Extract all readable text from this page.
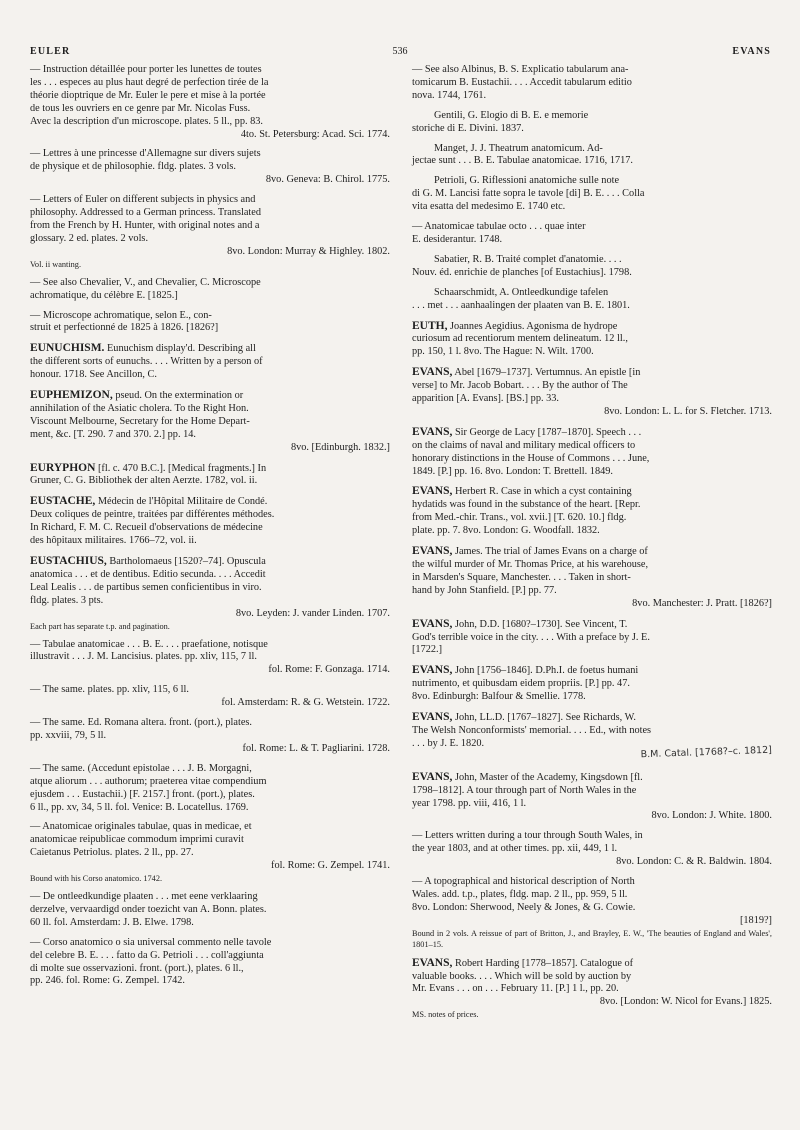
EULER	536	EVANS
— Instruction détaillée pour porter les lunettes de toutes
les . . . especes au plus haut degré de perfection tirée de la
théorie dioptrique de Mr. Euler le pere et mise à la portée
de tous les ouvriers en ce genre par Mr. Nicolas Fuss.
Avec la description d'un microscope. plates. 5 ll., pp. 83.
4to. St. Petersburg: Acad. Sci. 1774.
— Lettres à une princesse d'Allemagne sur divers sujets
de physique et de philosophie. fldg. plates. 3 vols.
8vo. Geneva: B. Chirol. 1775.
— Letters of Euler on different subjects in physics and
philosophy. Addressed to a German princess. Translated
from the French by H. Hunter, with original notes and a
glossary. 2 ed. plates. 2 vols.
8vo. London: Murray & Highley. 1802.
Vol. ii wanting.
— See also Chevalier, V., and Chevalier, C. Microscope
achromatique, du célèbre E. [1825.]
— Microscope achromatique, selon E., con-
struit et perfectionné de 1825 à 1826. [1826?]
EUNUCHISM. Eunuchism display'd. Describing all
the different sorts of eunuchs. . . . Written by a person of
honour. 1718. See Ancillon, C.
EUPHEMIZON, pseud. On the extermination or
annihilation of the Asiatic cholera. To the Right Hon.
Viscount Melbourne, Secretary for the Home Depart-
ment, &c. [T. 290. 7 and 370. 2.] pp. 14.
8vo. [Edinburgh. 1832.]
EURYPHON [fl. c. 470 B.C.]. [Medical fragments.] In
Gruner, C. G. Bibliothek der alten Aerzte. 1782, vol. ii.
EUSTACHE, Médecin de l'Hôpital Militaire de Condé.
Deux coliques de peintre, traitées par différentes méthodes.
In Richard, F. M. C. Recueil d'observations de médecine
des hôpitaux militaires. 1766–72, vol. ii.
EUSTACHIUS, Bartholomaeus [1520?–74]. Opuscula
anatomica . . . et de dentibus. Editio secunda. . . . Accedit
Leal Lealis . . . de partibus semen conficientibus in viro.
fldg. plates. 3 pts.
8vo. Leyden: J. vander Linden. 1707.
Each part has separate t.p. and pagination.
— Tabulae anatomicae . . . B. E. . . . praefatione, notisque
illustravit . . . J. M. Lancisius. plates. pp. xliv, 115, 7 ll.
fol. Rome: F. Gonzaga. 1714.
— The same. plates. pp. xliv, 115, 6 ll.
fol. Amsterdam: R. & G. Wetstein. 1722.
— The same. Ed. Romana altera. front. (port.), plates.
pp. xxviii, 79, 5 ll.
fol. Rome: L. & T. Pagliarini. 1728.
— The same. (Accedunt epistolae . . . J. B. Morgagni,
atque aliorum . . . authorum; praeterea vitae compendium
ejusdem . . . Eustachii.) [F. 2157.] front. (port.), plates.
6 ll., pp. xv, 34, 5 ll. fol. Venice: B. Locatellus. 1769.
— Anatomicae originales tabulae, quas in medicae, et
anatomicae reipublicae commodum imprimi curavit
Caietanus Petriolus. plates. 2 ll., pp. 27.
fol. Rome: G. Zempel. 1741.
Bound with his Corso anatomico. 1742.
— De ontleedkundige plaaten . . . met eene verklaaring
derzelve, vervaardigd onder toezicht van A. Bonn. plates.
60 ll. fol. Amsterdam: J. B. Elwe. 1798.
— Corso anatomico o sia universal commento nelle tavole
del celebre B. E. . . . fatto da G. Petrioli . . . coll'aggiunta
di molte sue osservazioni. front. (port.), plates. 6 ll.,
pp. 246. fol. Rome: G. Zempel. 1742.
— See also Albinus, B. S. Explicatio tabularum ana-
tomicarum B. Eustachii. . . . Accedit tabularum editio
nova. 1744, 1761.
Gentili, G. Elogio di B. E. e memorie
storiche di E. Divini. 1837.
Manget, J. J. Theatrum anatomicum. Ad-
jectae sunt . . . B. E. Tabulae anatomicae. 1716, 1717.
Petrioli, G. Riflessioni anatomiche sulle note
di G. M. Lancisi fatte sopra le tavole [di] B. E. . . . Colla
vita esatta del medesimo E. 1740 etc.
— Anatomicae tabulae octo . . . quae inter
E. desiderantur. 1748.
Sabatier, R. B. Traité complet d'anatomie. . . .
Nouv. éd. enrichie de planches [of Eustachius]. 1798.
Schaarschmidt, A. Ontleedkundige tafelen
. . . met . . . aanhaalingen der plaaten van B. E. 1801.
EUTH, Joannes Aegidius. Agonisma de hydrope
curiosum ad recentiorum mentem delineatum. 12 ll.,
pp. 150, 1 l. 8vo. The Hague: N. Wilt. 1700.
EVANS, Abel [1679–1737]. Vertumnus. An epistle [in
verse] to Mr. Jacob Bobart. . . . By the author of The
apparition [A. Evans]. [BS.] pp. 33.
8vo. London: L. L. for S. Fletcher. 1713.
EVANS, Sir George de Lacy [1787–1870]. Speech . . .
on the claims of naval and military medical officers to
honorary distinctions in the House of Commons . . . June,
1849. [P.] pp. 16. 8vo. London: T. Brettell. 1849.
EVANS, Herbert R. Case in which a cyst containing
hydatids was found in the substance of the heart. [Repr.
from Med.-chir. Trans., vol. xvii.] [T. 620. 10.] fldg.
plate. pp. 7. 8vo. London: G. Woodfall. 1832.
EVANS, James. The trial of James Evans on a charge of
the wilful murder of Mr. Thomas Price, at his warehouse,
in Marsden's Square, Manchester. . . . Taken in short-
hand by John Stanfield. [P.] pp. 77.
8vo. Manchester: J. Pratt. [1826?]
EVANS, John, D.D. [1680?–1730]. See Vincent, T.
God's terrible voice in the city. . . . With a preface by J. E.
[1722.]
EVANS, John [1756–1846]. D.Ph.I. de foetus humani
nutrimento, et quibusdam eidem propriis. [P.] pp. 47.
8vo. Edinburgh: Balfour & Smellie. 1778.
EVANS, John, LL.D. [1767–1827]. See Richards, W.
The Welsh Nonconformists' memorial. . . . Ed., with notes
. . . by J. E. 1820.
B.M. Catal. [1768?–c. 1812]
EVANS, John, Master of the Academy, Kingsdown [fl.
1798–1812]. A tour through part of North Wales in the
year 1798. pp. viii, 416, 1 l.
8vo. London: J. White. 1800.
— Letters written during a tour through South Wales, in
the year 1803, and at other times. pp. xii, 449, 1 l.
8vo. London: C. & R. Baldwin. 1804.
— A topographical and historical description of North
Wales. add. t.p., plates, fldg. map. 2 ll., pp. 959, 5 ll.
8vo. London: Sherwood, Neely & Jones, & G. Cowie.
[1819?]
Bound in 2 vols. A reissue of part of Britton, J., and Brayley, E. W., 'The beauties of England and Wales', 1801–15.
EVANS, Robert Harding [1778–1857]. Catalogue of
valuable books. . . . Which will be sold by auction by
Mr. Evans . . . on . . . February 11. [P.] 1 l., pp. 20.
8vo. [London: W. Nicol for Evans.] 1825.
MS. notes of prices.
